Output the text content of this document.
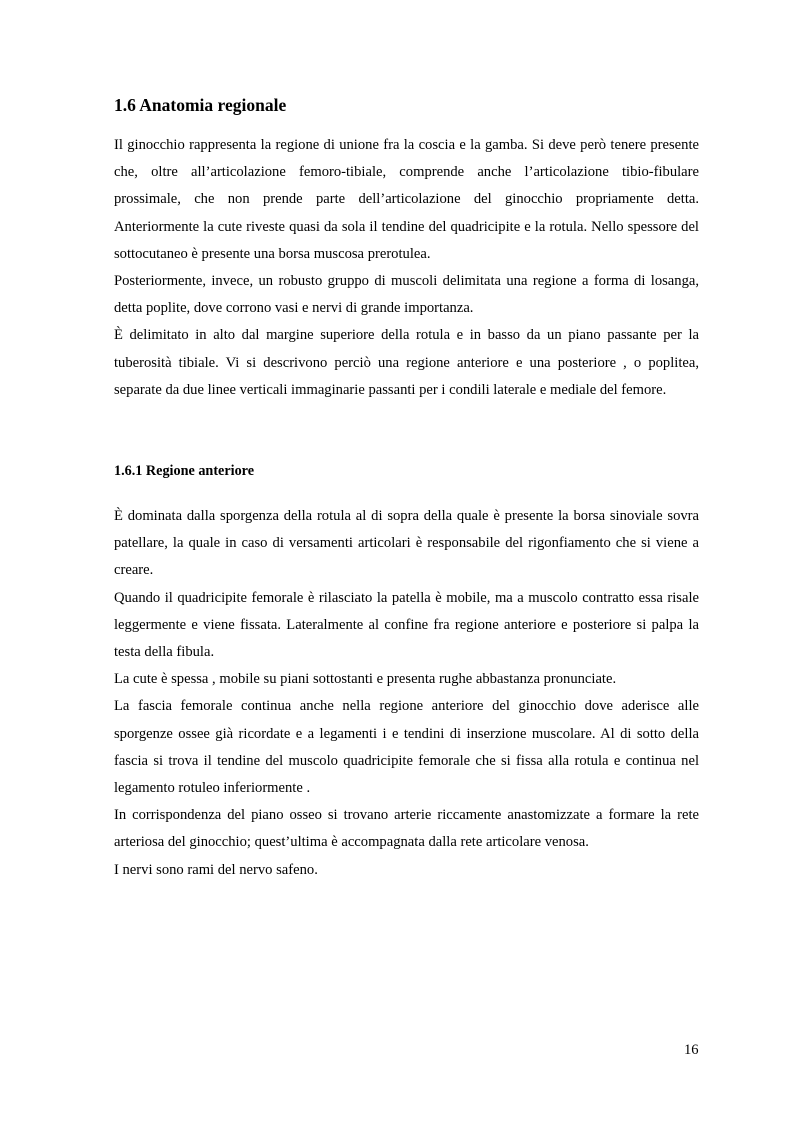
1.6 Anatomia regionale

Il ginocchio rappresenta la regione di unione fra la coscia e la gamba. Si deve però tenere presente che, oltre all’articolazione femoro-tibiale, comprende anche l’articolazione tibio-fibulare prossimale, che non prende parte dell’articolazione del ginocchio propriamente detta. Anteriormente la cute riveste quasi da sola il tendine del quadricipite e la rotula. Nello spessore del sottocutaneo è presente una borsa muscosa prerotulea.

Posteriormente, invece, un robusto gruppo di muscoli delimitata una regione a forma di losanga, detta poplite, dove corrono vasi e nervi di grande importanza.

È delimitato in alto dal margine superiore della rotula e in basso da un piano passante per la tuberosità tibiale. Vi si descrivono perciò una regione anteriore e una posteriore , o poplitea, separate da due linee verticali immaginarie passanti per i condili laterale e mediale del femore.

1.6.1 Regione anteriore

È dominata dalla sporgenza della rotula al di sopra della quale è presente la borsa sinoviale sovra patellare, la quale in caso di versamenti articolari è responsabile del rigonfiamento che si viene a creare.

Quando il quadricipite femorale è rilasciato la patella è mobile, ma a muscolo contratto essa risale leggermente e viene fissata. Lateralmente al confine fra regione anteriore e posteriore si palpa la testa della fibula.

La cute è spessa , mobile su piani sottostanti e presenta rughe abbastanza pronunciate.

La fascia femorale continua anche nella regione anteriore del ginocchio dove aderisce alle sporgenze ossee già ricordate e a legamenti i e tendini di inserzione muscolare. Al di sotto della fascia si trova il tendine del muscolo quadricipite femorale che si fissa alla rotula e continua nel legamento rotuleo inferiormente .

In corrispondenza del piano osseo si trovano arterie riccamente anastomizzate a formare la rete arteriosa del ginocchio; quest’ultima è accompagnata dalla rete articolare venosa.

I nervi sono rami del nervo safeno.

16
